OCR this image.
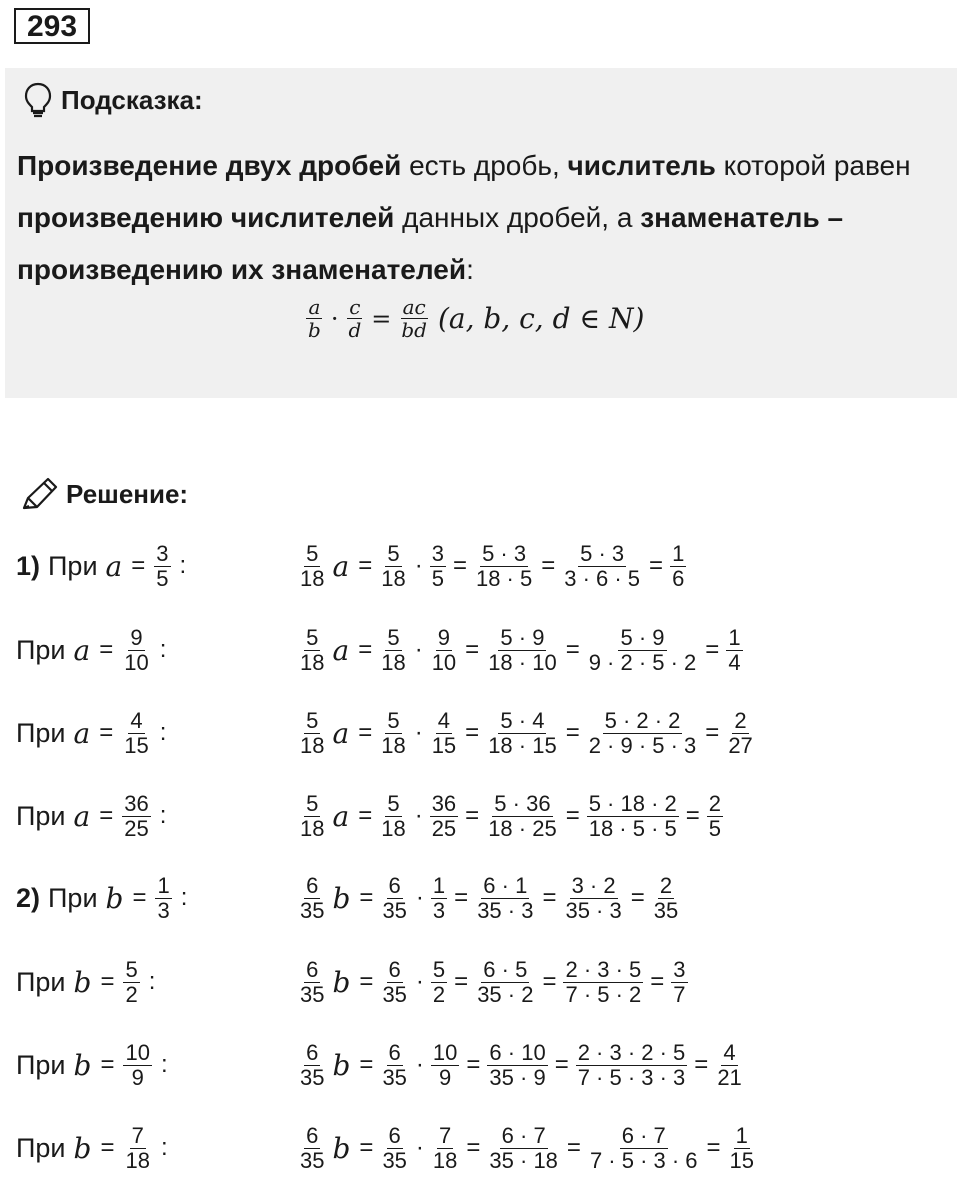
293
Подсказка:
Произведение двух дробей есть дробь, числитель которой равен произведению числителей данных дробей, а знаменатель – произведению их знаменателей:
$\frac{a}{b} \cdot \frac{c}{d} = \frac{ac}{bd} (a$, b, c, d ∈ N)
Решение:
1) При $a = \frac{3}{5}$ :	$\frac{5}{18}$ $a = \frac{5}{18} \cdot \frac{3}{5} = \frac{5 \cdot 3}{18 \cdot 5} = \frac{5 \cdot 3}{3 \cdot 6 \cdot 5} = \frac{1}{6}$
При $a = \frac{9}{10}$ :	$\frac{5}{18}$ $a = \frac{5}{18} \cdot \frac{9}{10} = \frac{5 \cdot 9}{18 \cdot 10} = \frac{5 \cdot 9}{9 \cdot 2 \cdot 5 \cdot 2} = \frac{1}{4}$
При $a = \frac{4}{15}$ :	$\frac{5}{18}$ $a = \frac{5}{18} \cdot \frac{4}{15} = \frac{5 \cdot 4}{18 \cdot 15} = \frac{5 \cdot 2 \cdot 2}{2 \cdot 9 \cdot 5 \cdot 3} = \frac{2}{27}$
При $a = \frac{36}{25}$ :	$\frac{5}{18}$ $a = \frac{5}{18} \cdot \frac{36}{25} = \frac{5 \cdot 36}{18 \cdot 25} = \frac{5 \cdot 18 \cdot 2}{18 \cdot 5 \cdot 5} = \frac{2}{5}$
2) При $b = \frac{1}{3}$ :	$\frac{6}{35}$ $b = \frac{6}{35} \cdot \frac{1}{3} = \frac{6 \cdot 1}{35 \cdot 3} = \frac{3 \cdot 2}{35 \cdot 3} = \frac{2}{35}$
При $b = \frac{5}{2}$ :	$\frac{6}{35}$ $b = \frac{6}{35} \cdot \frac{5}{2} = \frac{6 \cdot 5}{35 \cdot 2} = \frac{2 \cdot 3 \cdot 5}{7 \cdot 5 \cdot 2} = \frac{3}{7}$
При $b = \frac{10}{9}$ :	$\frac{6}{35}$ $b = \frac{6}{35} \cdot \frac{10}{9} = \frac{6 \cdot 10}{35 \cdot 9} = \frac{2 \cdot 3 \cdot 2 \cdot 5}{7 \cdot 5 \cdot 3 \cdot 3} = \frac{4}{21}$
При $b = \frac{7}{18}$ :	$\frac{6}{35}$ $b = \frac{6}{35} \cdot \frac{7}{18} = \frac{6 \cdot 7}{35 \cdot 18} = \frac{6 \cdot 7}{7 \cdot 5 \cdot 3 \cdot 6} = \frac{1}{15}$
